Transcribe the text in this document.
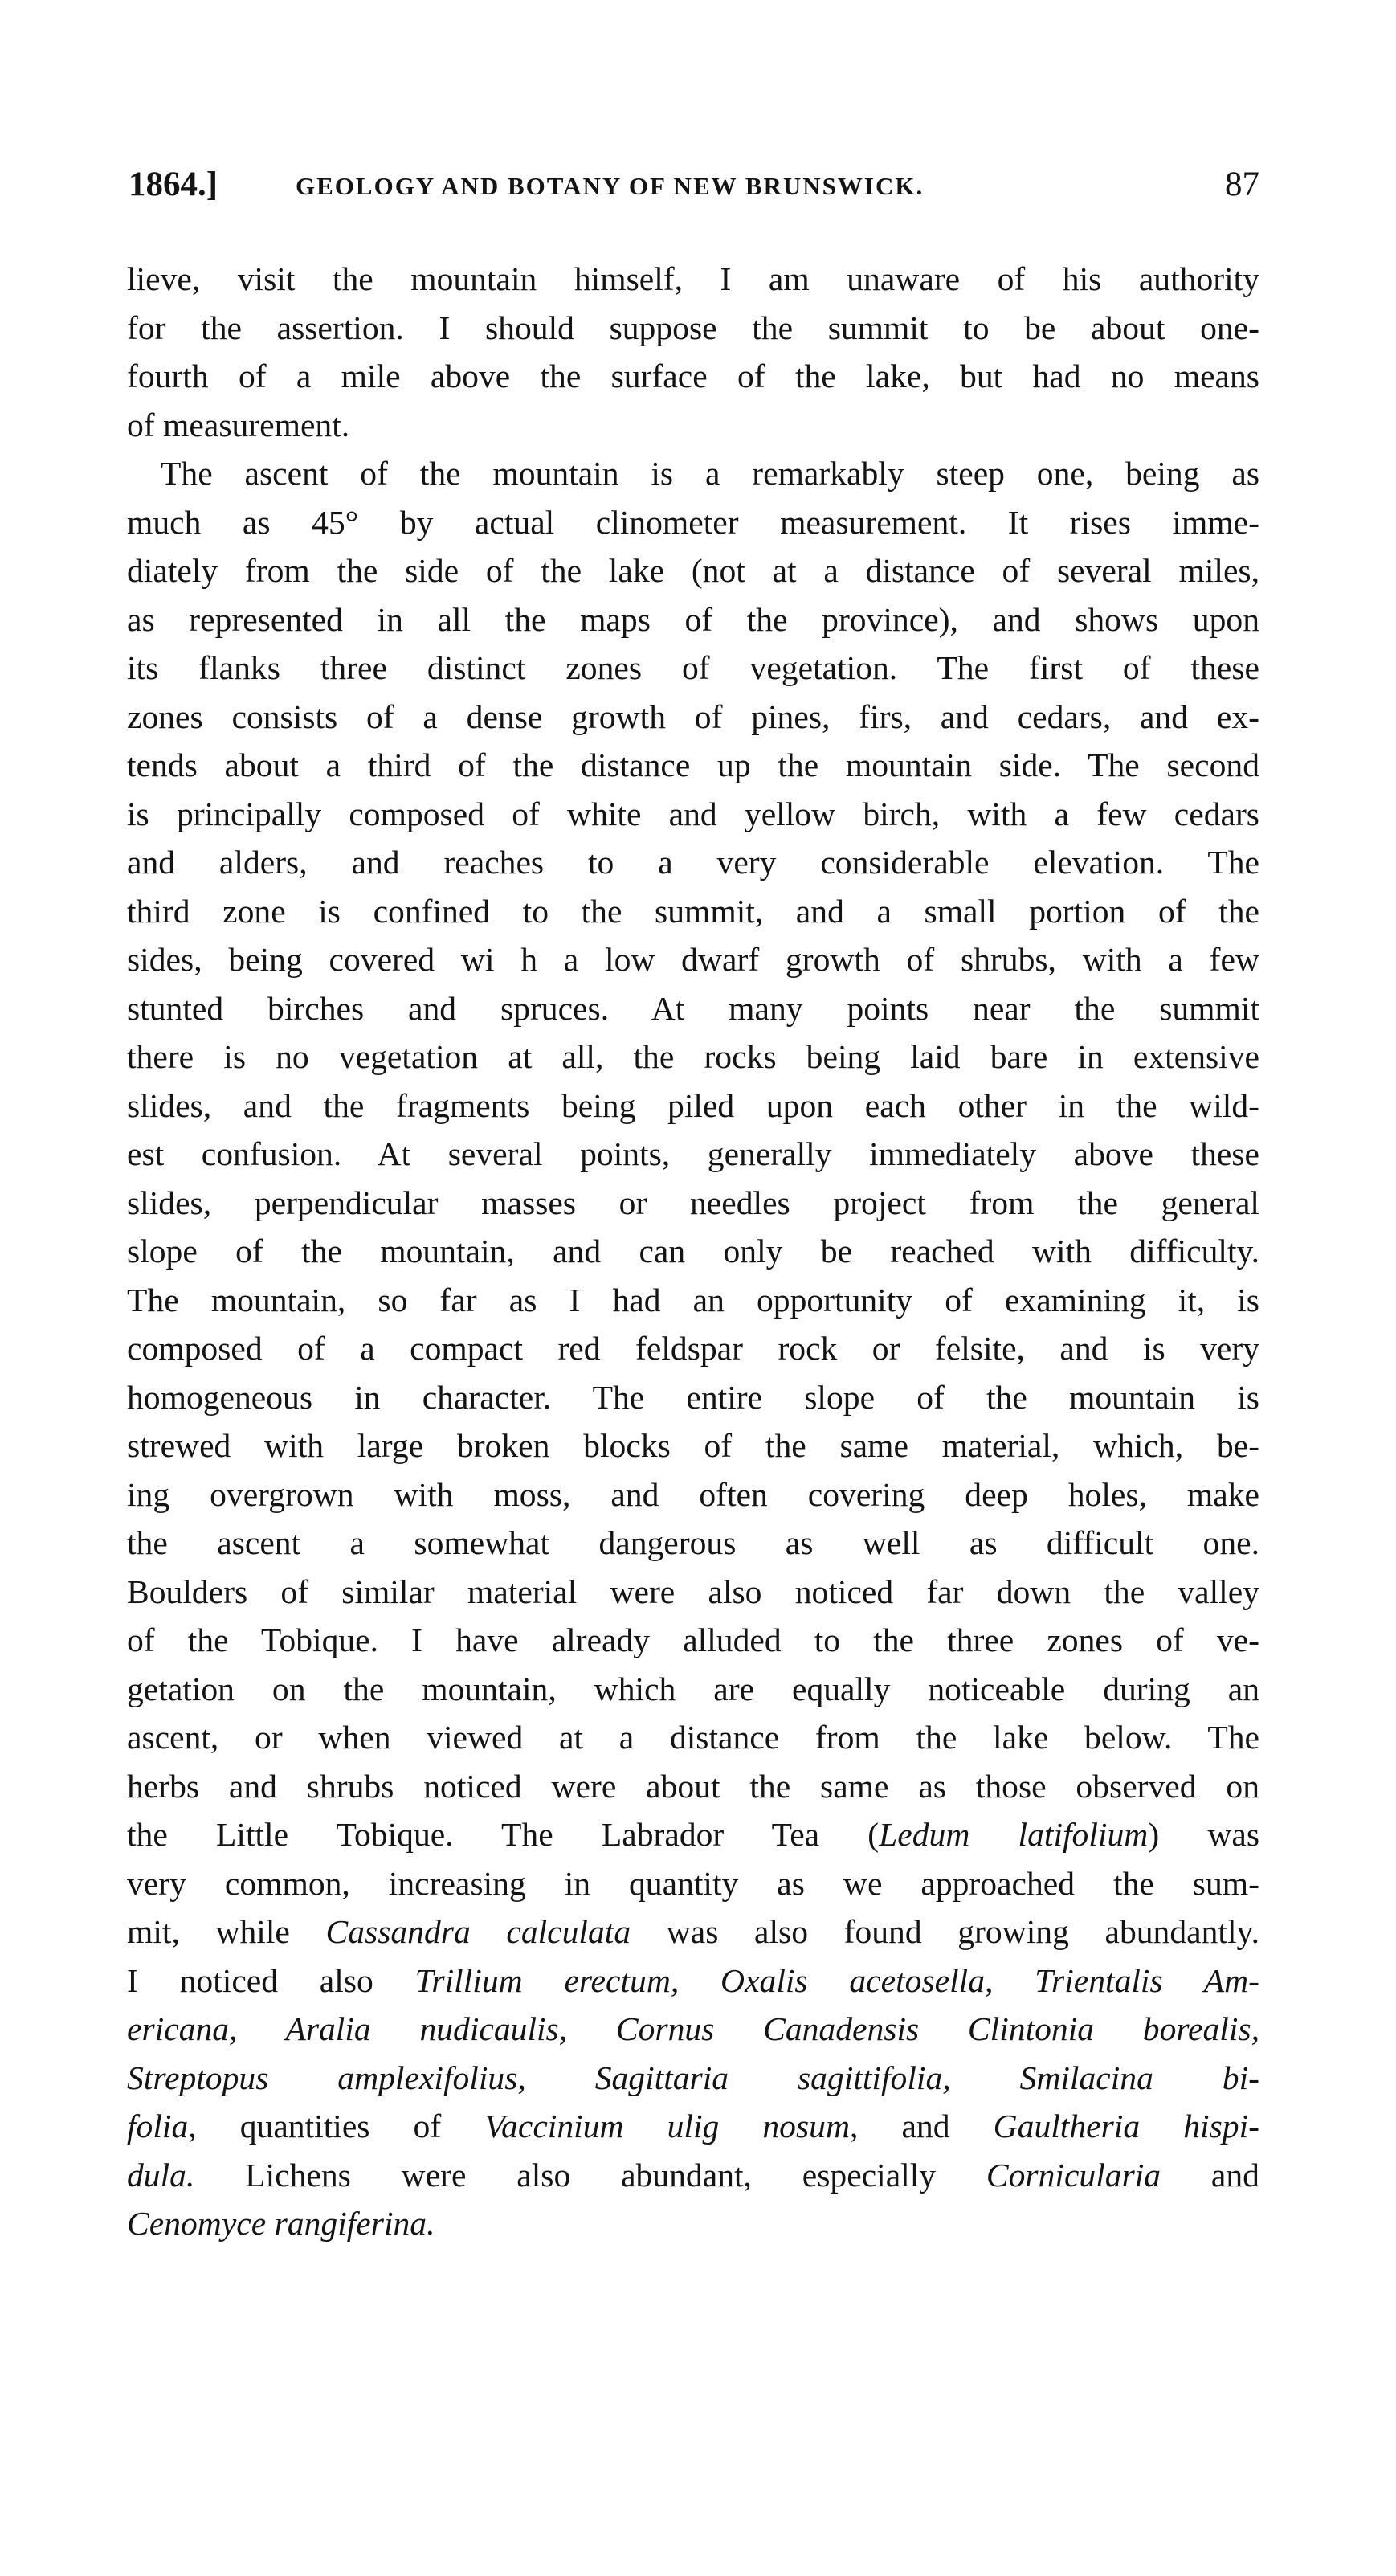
1864.]	GEOLOGY AND BOTANY OF NEW BRUNSWICK.	87
lieve, visit the mountain himself, I am unaware of his authority
for the assertion. I should suppose the summit to be about one-
fourth of a mile above the surface of the lake, but had no means
of measurement.
The ascent of the mountain is a remarkably steep one, being as
much as 45° by actual clinometer measurement. It rises imme-
diately from the side of the lake (not at a distance of several miles,
as represented in all the maps of the province), and shows upon
its flanks three distinct zones of vegetation. The first of these
zones consists of a dense growth of pines, firs, and cedars, and ex-
tends about a third of the distance up the mountain side. The second
is principally composed of white and yellow birch, with a few cedars
and alders, and reaches to a very considerable elevation. The
third zone is confined to the summit, and a small portion of the
sides, being covered wi h a low dwarf growth of shrubs, with a few
stunted birches and spruces. At many points near the summit
there is no vegetation at all, the rocks being laid bare in extensive
slides, and the fragments being piled upon each other in the wild-
est confusion. At several points, generally immediately above these
slides, perpendicular masses or needles project from the general
slope of the mountain, and can only be reached with difficulty.
The mountain, so far as I had an opportunity of examining it, is
composed of a compact red feldspar rock or felsite, and is very
homogeneous in character. The entire slope of the mountain is
strewed with large broken blocks of the same material, which, be-
ing overgrown with moss, and often covering deep holes, make
the ascent a somewhat dangerous as well as difficult one.
Boulders of similar material were also noticed far down the valley
of the Tobique. I have already alluded to the three zones of ve-
getation on the mountain, which are equally noticeable during an
ascent, or when viewed at a distance from the lake below. The
herbs and shrubs noticed were about the same as those observed on
the Little Tobique. The Labrador Tea (Ledum latifolium) was
very common, increasing in quantity as we approached the sum-
mit, while Cassandra calculata was also found growing abundantly.
I noticed also Trillium erectum, Oxalis acetosella, Trientalis Am-
ericana, Aralia nudicaulis, Cornus Canadensis Clintonia borealis,
Streptopus amplexifolius, Sagittaria sagittifolia, Smilacina bi-
folia, quantities of Vaccinium ulig nosum, and Gaultheria hispi-
dula. Lichens were also abundant, especially Cornicularia and
Cenomyce rangiferina.
